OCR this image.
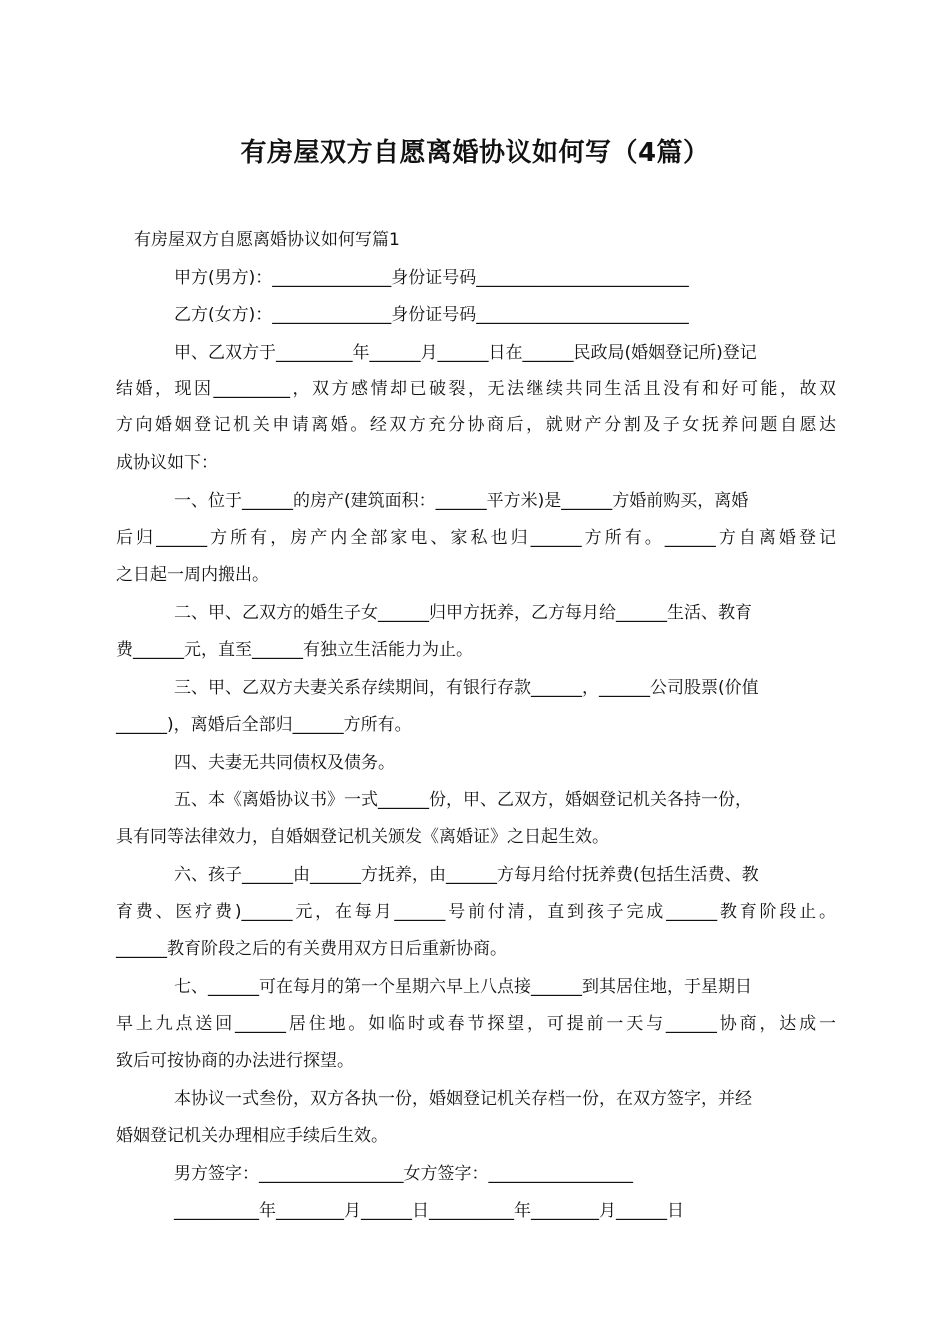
有房屋双方自愿离婚协议如何写（4篇）
有房屋双方自愿离婚协议如何写篇1
甲方(男方)：______________身份证号码_________________________
乙方(女方)：______________身份证号码_________________________
甲、乙双方于_________年______月______日在______民政局(婚姻登记所)登记
结婚，现因_________，双方感情却已破裂，无法继续共同生活且没有和好可能，故双
方向婚姻登记机关申请离婚。经双方充分协商后，就财产分割及子女抚养问题自愿达
成协议如下：
一、位于______的房产(建筑面积：______平方米)是______方婚前购买，离婚
后归______方所有，房产内全部家电、家私也归______方所有。______方自离婚登记
之日起一周内搬出。
二、甲、乙双方的婚生子女______归甲方抚养，乙方每月给______生活、教育
费______元，直至______有独立生活能力为止。
三、甲、乙双方夫妻关系存续期间，有银行存款______，______公司股票(价值
______)，离婚后全部归______方所有。
四、夫妻无共同债权及债务。
五、本《离婚协议书》一式______份，甲、乙双方，婚姻登记机关各持一份，
具有同等法律效力，自婚姻登记机关颁发《离婚证》之日起生效。
六、孩子______由______方抚养，由______方每月给付抚养费(包括生活费、教
育费、医疗费)______元，在每月______号前付清，直到孩子完成______教育阶段止。
______教育阶段之后的有关费用双方日后重新协商。
七、______可在每月的第一个星期六早上八点接______到其居住地，于星期日
早上九点送回______居住地。如临时或春节探望，可提前一天与______协商，达成一
致后可按协商的办法进行探望。
本协议一式叁份，双方各执一份，婚姻登记机关存档一份，在双方签字，并经
婚姻登记机关办理相应手续后生效。
男方签字：_________________女方签字：_________________
__________年________月______日__________年________月______日
